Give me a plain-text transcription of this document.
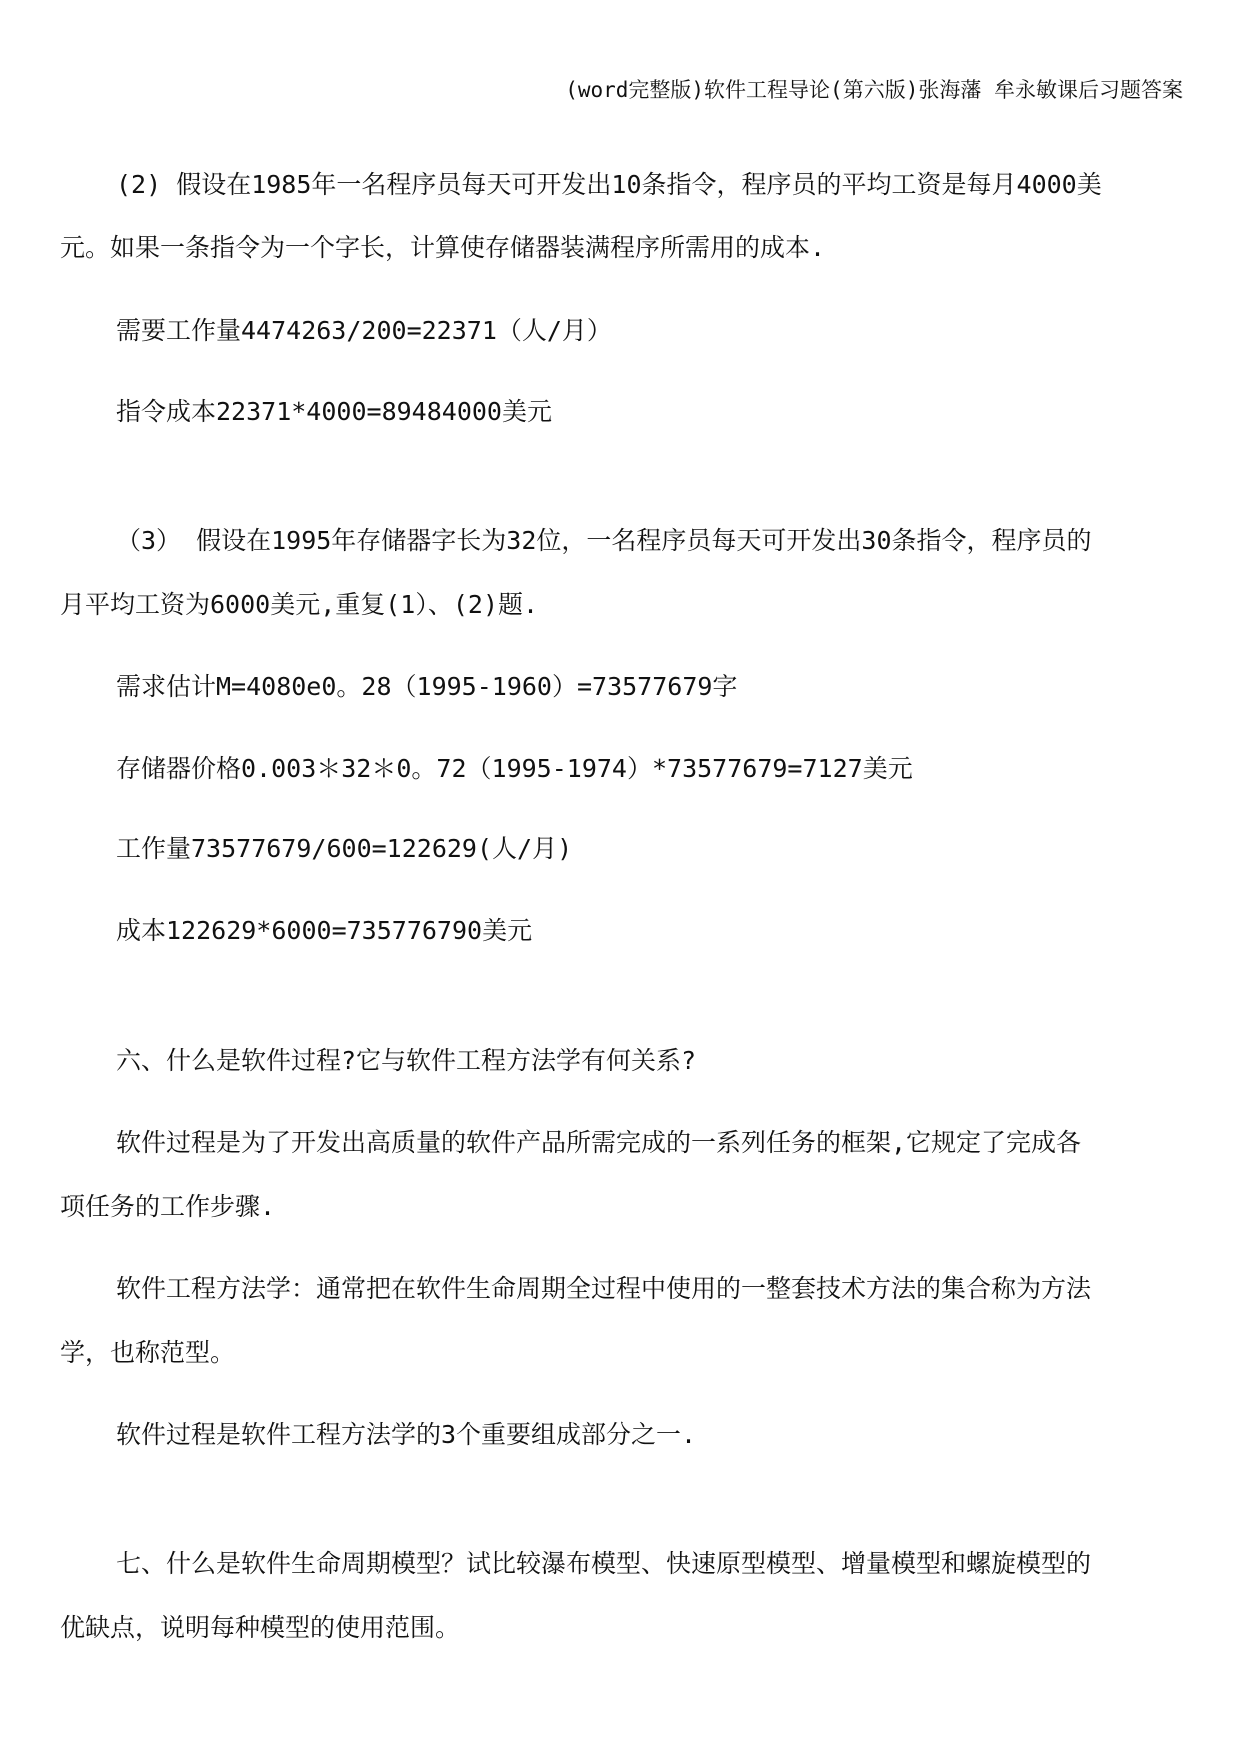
(word完整版)软件工程导论(第六版)张海藩 牟永敏课后习题答案
(2) 假设在1985年一名程序员每天可开发出10条指令，程序员的平均工资是每月4000美
元。如果一条指令为一个字长，计算使存储器装满程序所需用的成本.
需要工作量4474263/200=22371（人/月）
指令成本22371*4000=89484000美元
（3） 假设在1995年存储器字长为32位，一名程序员每天可开发出30条指令，程序员的
月平均工资为6000美元,重复(1）、(2)题.
需求估计M=4080e0。28（1995-1960）=73577679字
存储器价格0.003＊32＊0。72（1995-1974）*73577679=7127美元
工作量73577679/600=122629(人/月)
成本122629*6000=735776790美元
六、什么是软件过程?它与软件工程方法学有何关系?
软件过程是为了开发出高质量的软件产品所需完成的一系列任务的框架,它规定了完成各
项任务的工作步骤.
软件工程方法学：通常把在软件生命周期全过程中使用的一整套技术方法的集合称为方法
学，也称范型。
软件过程是软件工程方法学的3个重要组成部分之一.
七、什么是软件生命周期模型？试比较瀑布模型、快速原型模型、增量模型和螺旋模型的
优缺点，说明每种模型的使用范围。
